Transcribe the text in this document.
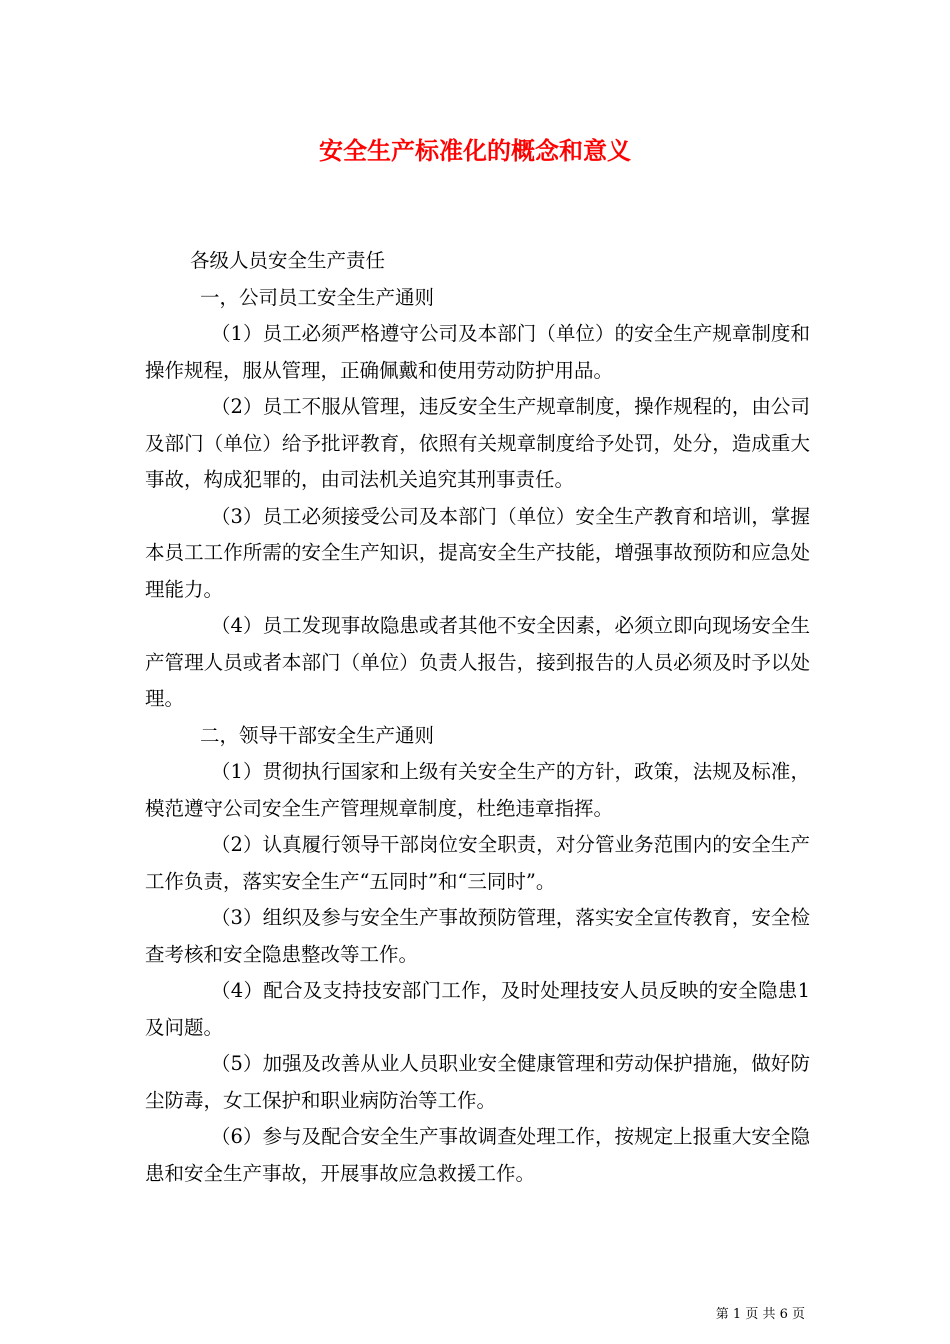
安全生产标准化的概念和意义

各级人员安全生产责任

一，公司员工安全生产通则

（1）员工必须严格遵守公司及本部门（单位）的安全生产规章制度和操作规程，服从管理，正确佩戴和使用劳动防护用品。

（2）员工不服从管理，违反安全生产规章制度，操作规程的，由公司及部门（单位）给予批评教育，依照有关规章制度给予处罚，处分，造成重大事故，构成犯罪的，由司法机关追究其刑事责任。

（3）员工必须接受公司及本部门（单位）安全生产教育和培训，掌握本员工工作所需的安全生产知识，提高安全生产技能，增强事故预防和应急处理能力。

（4）员工发现事故隐患或者其他不安全因素，必须立即向现场安全生产管理人员或者本部门（单位）负责人报告，接到报告的人员必须及时予以处理。

二，领导干部安全生产通则

（1）贯彻执行国家和上级有关安全生产的方针，政策，法规及标准，模范遵守公司安全生产管理规章制度，杜绝违章指挥。

（2）认真履行领导干部岗位安全职责，对分管业务范围内的安全生产工作负责，落实安全生产“五同时”和“三同时”。

（3）组织及参与安全生产事故预防管理，落实安全宣传教育，安全检查考核和安全隐患整改等工作。

（4）配合及支持技安部门工作，及时处理技安人员反映的安全隐患1及问题。

（5）加强及改善从业人员职业安全健康管理和劳动保护措施，做好防尘防毒，女工保护和职业病防治等工作。

（6）参与及配合安全生产事故调查处理工作，按规定上报重大安全隐患和安全生产事故，开展事故应急救援工作。

第 1 页 共 6 页
